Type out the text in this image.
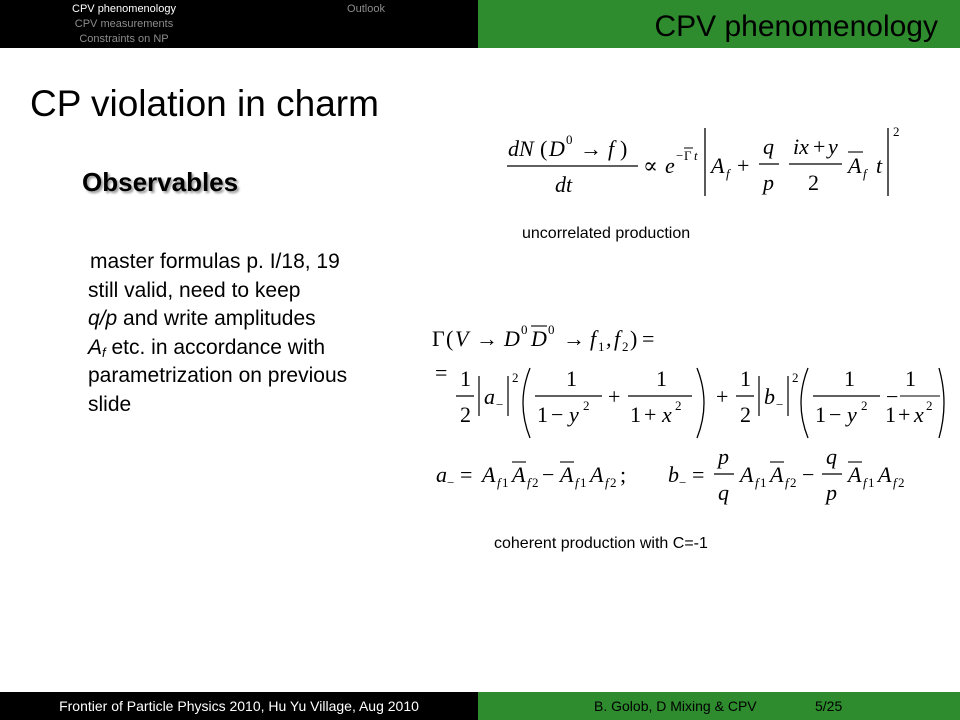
CPV phenomenology
CPV measurements
Constraints on NP
Outlook
CPV phenomenology
CP violation in charm
Observables
master formulas p. I/18, 19
still valid, need to keep
q/p and write amplitudes
$A_f$ etc. in accordance with
parametrization on previous
slide
dN ( D 0 → f )
dt
∝ e − Γ t A f +
q
p
ix + y
2
A f t
2
uncorrelated production
Γ ( V → D 0 D 0 → f 1 , f 2 ) =
= 1
2
a −
2 1
1 − y 2 +
1
1 + x 2 +
1
2
b −
2 1
1 − y 2 −
1
1 + x 2
a − = A f 1 A f 2 − A f 1 A f 2 ; b − =
p
q
A f 1 A f 2 −
q
p
A f 1 A f 2
coherent production with C=-1
Frontier of Particle Physics 2010, Hu Yu Village, Aug 2010	B. Golob, D Mixing & CPV	5/25
